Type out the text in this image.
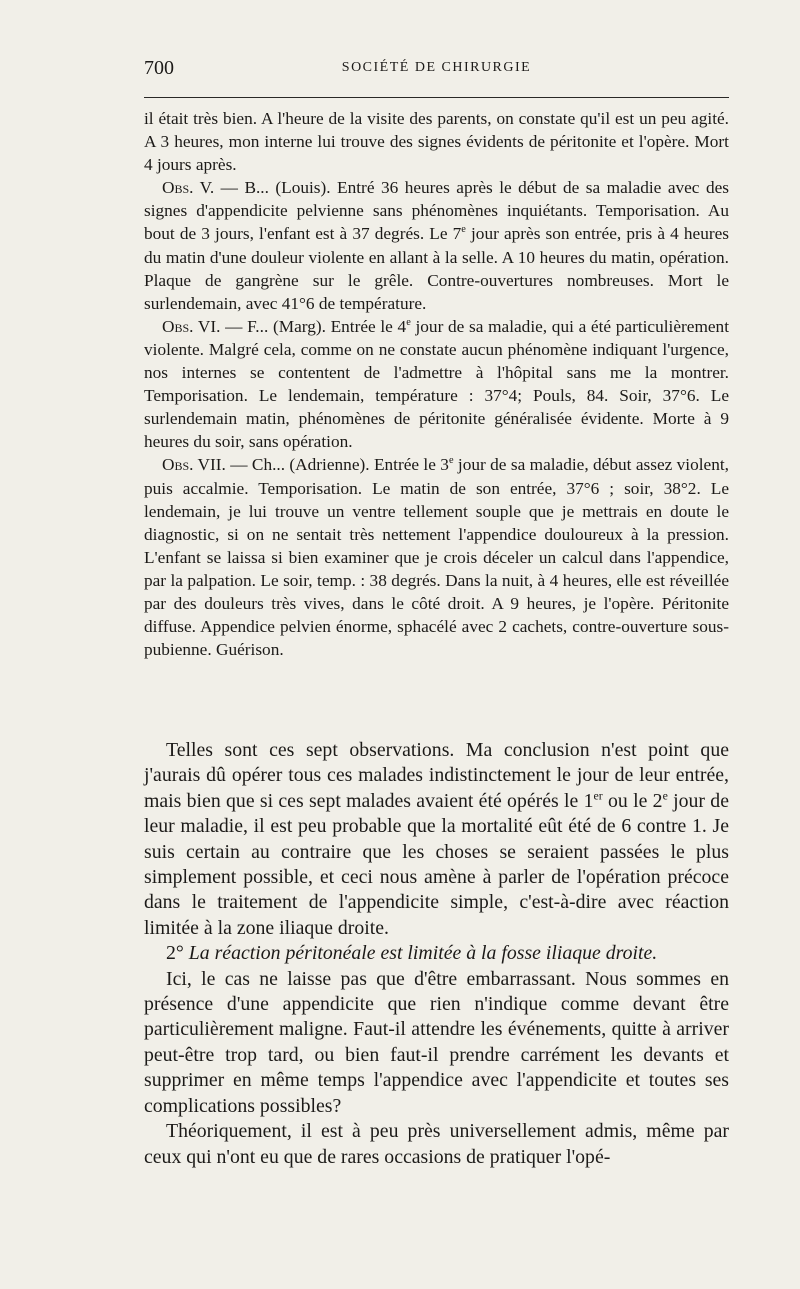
700	SOCIÉTÉ DE CHIRURGIE

il était très bien. A l'heure de la visite des parents, on constate qu'il est un peu agité. A 3 heures, mon interne lui trouve des signes évidents de péritonite et l'opère. Mort 4 jours après.

Obs. V. — B... (Louis). Entré 36 heures après le début de sa maladie avec des signes d'appendicite pelvienne sans phénomènes inquiétants. Temporisation. Au bout de 3 jours, l'enfant est à 37 degrés. Le 7e jour après son entrée, pris à 4 heures du matin d'une douleur violente en allant à la selle. A 10 heures du matin, opération. Plaque de gangrène sur le grêle. Contre-ouvertures nombreuses. Mort le surlendemain, avec 41°6 de température.

Obs. VI. — F... (Marg). Entrée le 4e jour de sa maladie, qui a été particulièrement violente. Malgré cela, comme on ne constate aucun phénomène indiquant l'urgence, nos internes se contentent de l'admettre à l'hôpital sans me la montrer. Temporisation. Le lendemain, température : 37°4; Pouls, 84. Soir, 37°6. Le surlendemain matin, phénomènes de péritonite généralisée évidente. Morte à 9 heures du soir, sans opération.

Obs. VII. — Ch... (Adrienne). Entrée le 3e jour de sa maladie, début assez violent, puis accalmie. Temporisation. Le matin de son entrée, 37°6 ; soir, 38°2. Le lendemain, je lui trouve un ventre tellement souple que je mettrais en doute le diagnostic, si on ne sentait très nettement l'appendice douloureux à la pression. L'enfant se laissa si bien examiner que je crois déceler un calcul dans l'appendice, par la palpation. Le soir, temp. : 38 degrés. Dans la nuit, à 4 heures, elle est réveillée par des douleurs très vives, dans le côté droit. A 9 heures, je l'opère. Péritonite diffuse. Appendice pelvien énorme, sphacélé avec 2 cachets, contre-ouverture sous-pubienne. Guérison.

Telles sont ces sept observations. Ma conclusion n'est point que j'aurais dû opérer tous ces malades indistinctement le jour de leur entrée, mais bien que si ces sept malades avaient été opérés le 1er ou le 2e jour de leur maladie, il est peu probable que la mortalité eût été de 6 contre 1. Je suis certain au contraire que les choses se seraient passées le plus simplement possible, et ceci nous amène à parler de l'opération précoce dans le traitement de l'appendicite simple, c'est-à-dire avec réaction limitée à la zone iliaque droite.

2° La réaction péritonéale est limitée à la fosse iliaque droite.

Ici, le cas ne laisse pas que d'être embarrassant. Nous sommes en présence d'une appendicite que rien n'indique comme devant être particulièrement maligne. Faut-il attendre les événements, quitte à arriver peut-être trop tard, ou bien faut-il prendre carrément les devants et supprimer en même temps l'appendice avec l'appendicite et toutes ses complications possibles?

Théoriquement, il est à peu près universellement admis, même par ceux qui n'ont eu que de rares occasions de pratiquer l'opé-
